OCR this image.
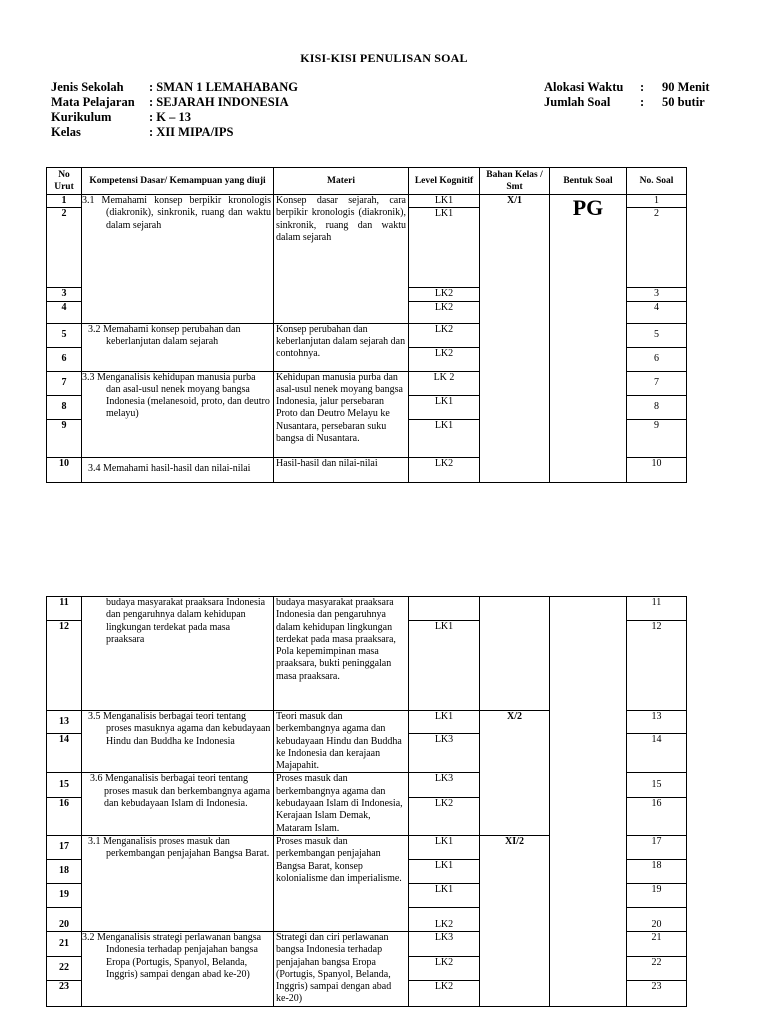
KISI-KISI PENULISAN SOAL
Jenis Sekolah	: SMAN 1 LEMAHABANG
Mata Pelajaran	: SEJARAH INDONESIA
Kurikulum	: K – 13
Kelas	: XII MIPA/IPS
Alokasi Waktu	:	90 Menit
Jumlah Soal	:	50 butir
No Urut	Kompetensi Dasar/ Kemampuan yang diuji	Materi	Level Kognitif	Bahan Kelas / Smt	Bentuk Soal	No. Soal
1	3.1 Memahami konsep berpikir kronologis (diakronik), sinkronik, ruang dan waktu dalam sejarah	Konsep dasar sejarah, cara berpikir kronologis (diakronik), sinkronik, ruang dan waktu dalam sejarah	LK1	X/1	PG	1
2			LK1			2
3			LK2			3
4			LK2			4
5	3.2 Memahami konsep perubahan dan keberlanjutan dalam sejarah	Konsep perubahan dan keberlanjutan dalam sejarah dan contohnya.	LK2			5
6			LK2			6
7	3.3 Menganalisis kehidupan manusia purba dan asal-usul nenek moyang bangsa Indonesia (melanesoid, proto, dan deutro melayu)	Kehidupan manusia purba dan asal-usul nenek moyang bangsa Indonesia, jalur persebaran Proto dan Deutro Melayu ke Nusantara, persebaran suku bangsa di Nusantara.	LK 2			7
8			LK1			8
9			LK1			9
10	3.4 Memahami hasil-hasil dan nilai-nilai	Hasil-hasil dan nilai-nilai	LK2			10
11	budaya masyarakat praaksara Indonesia dan pengaruhnya dalam kehidupan lingkungan terdekat pada masa praaksara	budaya masyarakat praaksara Indonesia dan pengaruhnya dalam kehidupan lingkungan terdekat pada masa praaksara, Pola kepemimpinan masa praaksara, bukti peninggalan masa praaksara.				11
12			LK1			12
13	3.5 Menganalisis berbagai teori tentang proses masuknya agama dan kebudayaan Hindu dan Buddha ke Indonesia	Teori masuk dan berkembangnya agama dan kebudayaan Hindu dan Buddha ke Indonesia dan kerajaan Majapahit.	LK1	X/2		13
14			LK3			14
15	3.6 Menganalisis berbagai teori tentang proses masuk dan berkembangnya agama dan kebudayaan Islam di Indonesia.	Proses masuk dan berkembangnya agama dan kebudayaan Islam di Indonesia, Kerajaan Islam Demak, Mataram Islam.	LK3			15
16			LK2			16
17	3.1 Menganalisis proses masuk dan perkembangan penjajahan Bangsa Barat.	Proses masuk dan perkembangan penjajahan Bangsa Barat, konsep kolonialisme dan imperialisme.	LK1	XI/2		17
18			LK1			18
19			LK1			19
20			LK2			20
21	3.2 Menganalisis strategi perlawanan bangsa Indonesia terhadap penjajahan bangsa Eropa (Portugis, Spanyol, Belanda, Inggris) sampai dengan abad ke-20)	Strategi dan ciri perlawanan bangsa Indonesia terhadap penjajahan bangsa Eropa (Portugis, Spanyol, Belanda, Inggris) sampai dengan abad ke-20)	LK3			21
22			LK2			22
23			LK2			23
